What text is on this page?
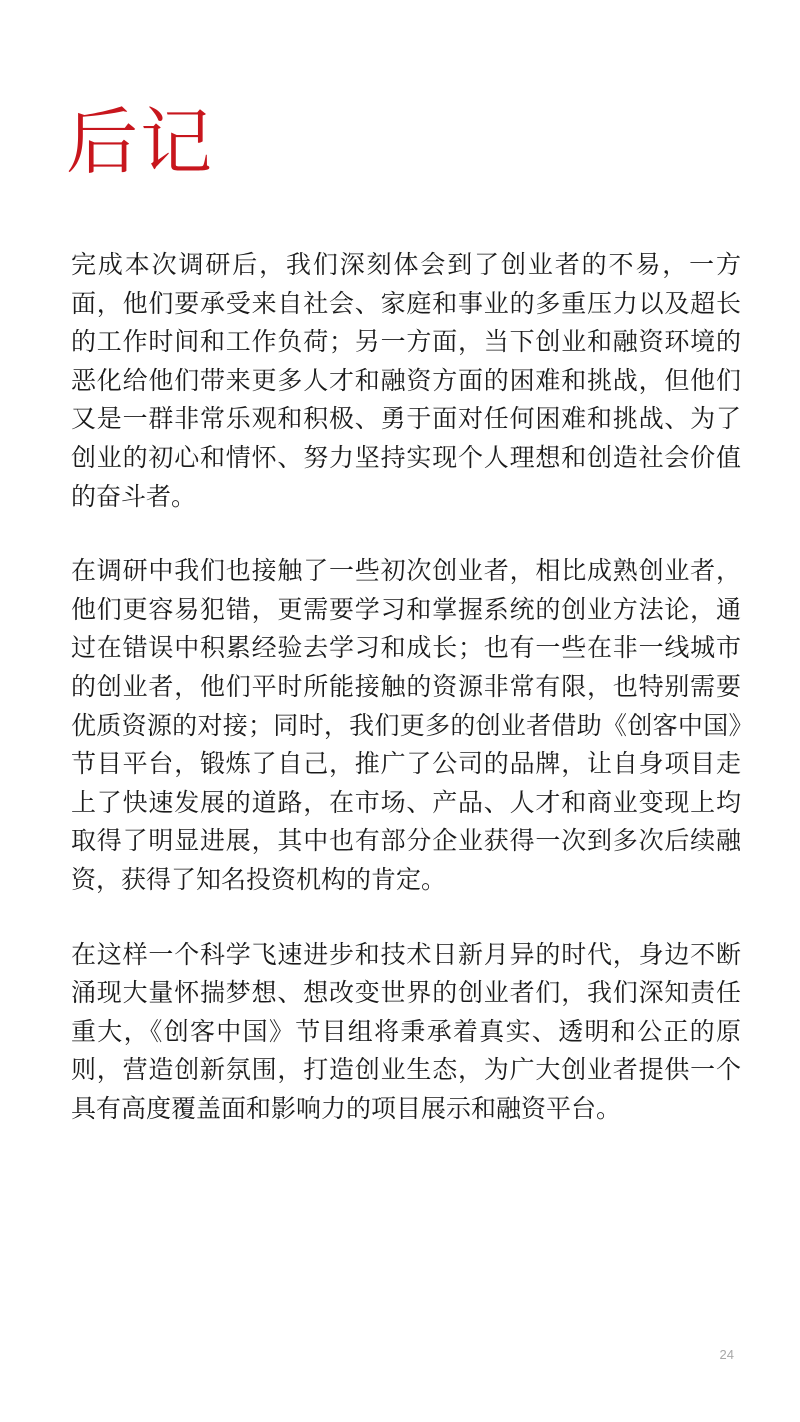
后记

完成本次调研后，我们深刻体会到了创业者的不易，一方面，他们要承受来自社会、家庭和事业的多重压力以及超长的工作时间和工作负荷；另一方面，当下创业和融资环境的恶化给他们带来更多人才和融资方面的困难和挑战，但他们又是一群非常乐观和积极、勇于面对任何困难和挑战、为了创业的初心和情怀、努力坚持实现个人理想和创造社会价值的奋斗者。

在调研中我们也接触了一些初次创业者，相比成熟创业者，他们更容易犯错，更需要学习和掌握系统的创业方法论，通过在错误中积累经验去学习和成长；也有一些在非一线城市的创业者，他们平时所能接触的资源非常有限，也特别需要优质资源的对接；同时，我们更多的创业者借助《创客中国》节目平台，锻炼了自己，推广了公司的品牌，让自身项目走上了快速发展的道路，在市场、产品、人才和商业变现上均取得了明显进展，其中也有部分企业获得一次到多次后续融资，获得了知名投资机构的肯定。

在这样一个科学飞速进步和技术日新月异的时代，身边不断涌现大量怀揣梦想、想改变世界的创业者们，我们深知责任重大，《创客中国》节目组将秉承着真实、透明和公正的原则，营造创新氛围，打造创业生态，为广大创业者提供一个具有高度覆盖面和影响力的项目展示和融资平台。

24
